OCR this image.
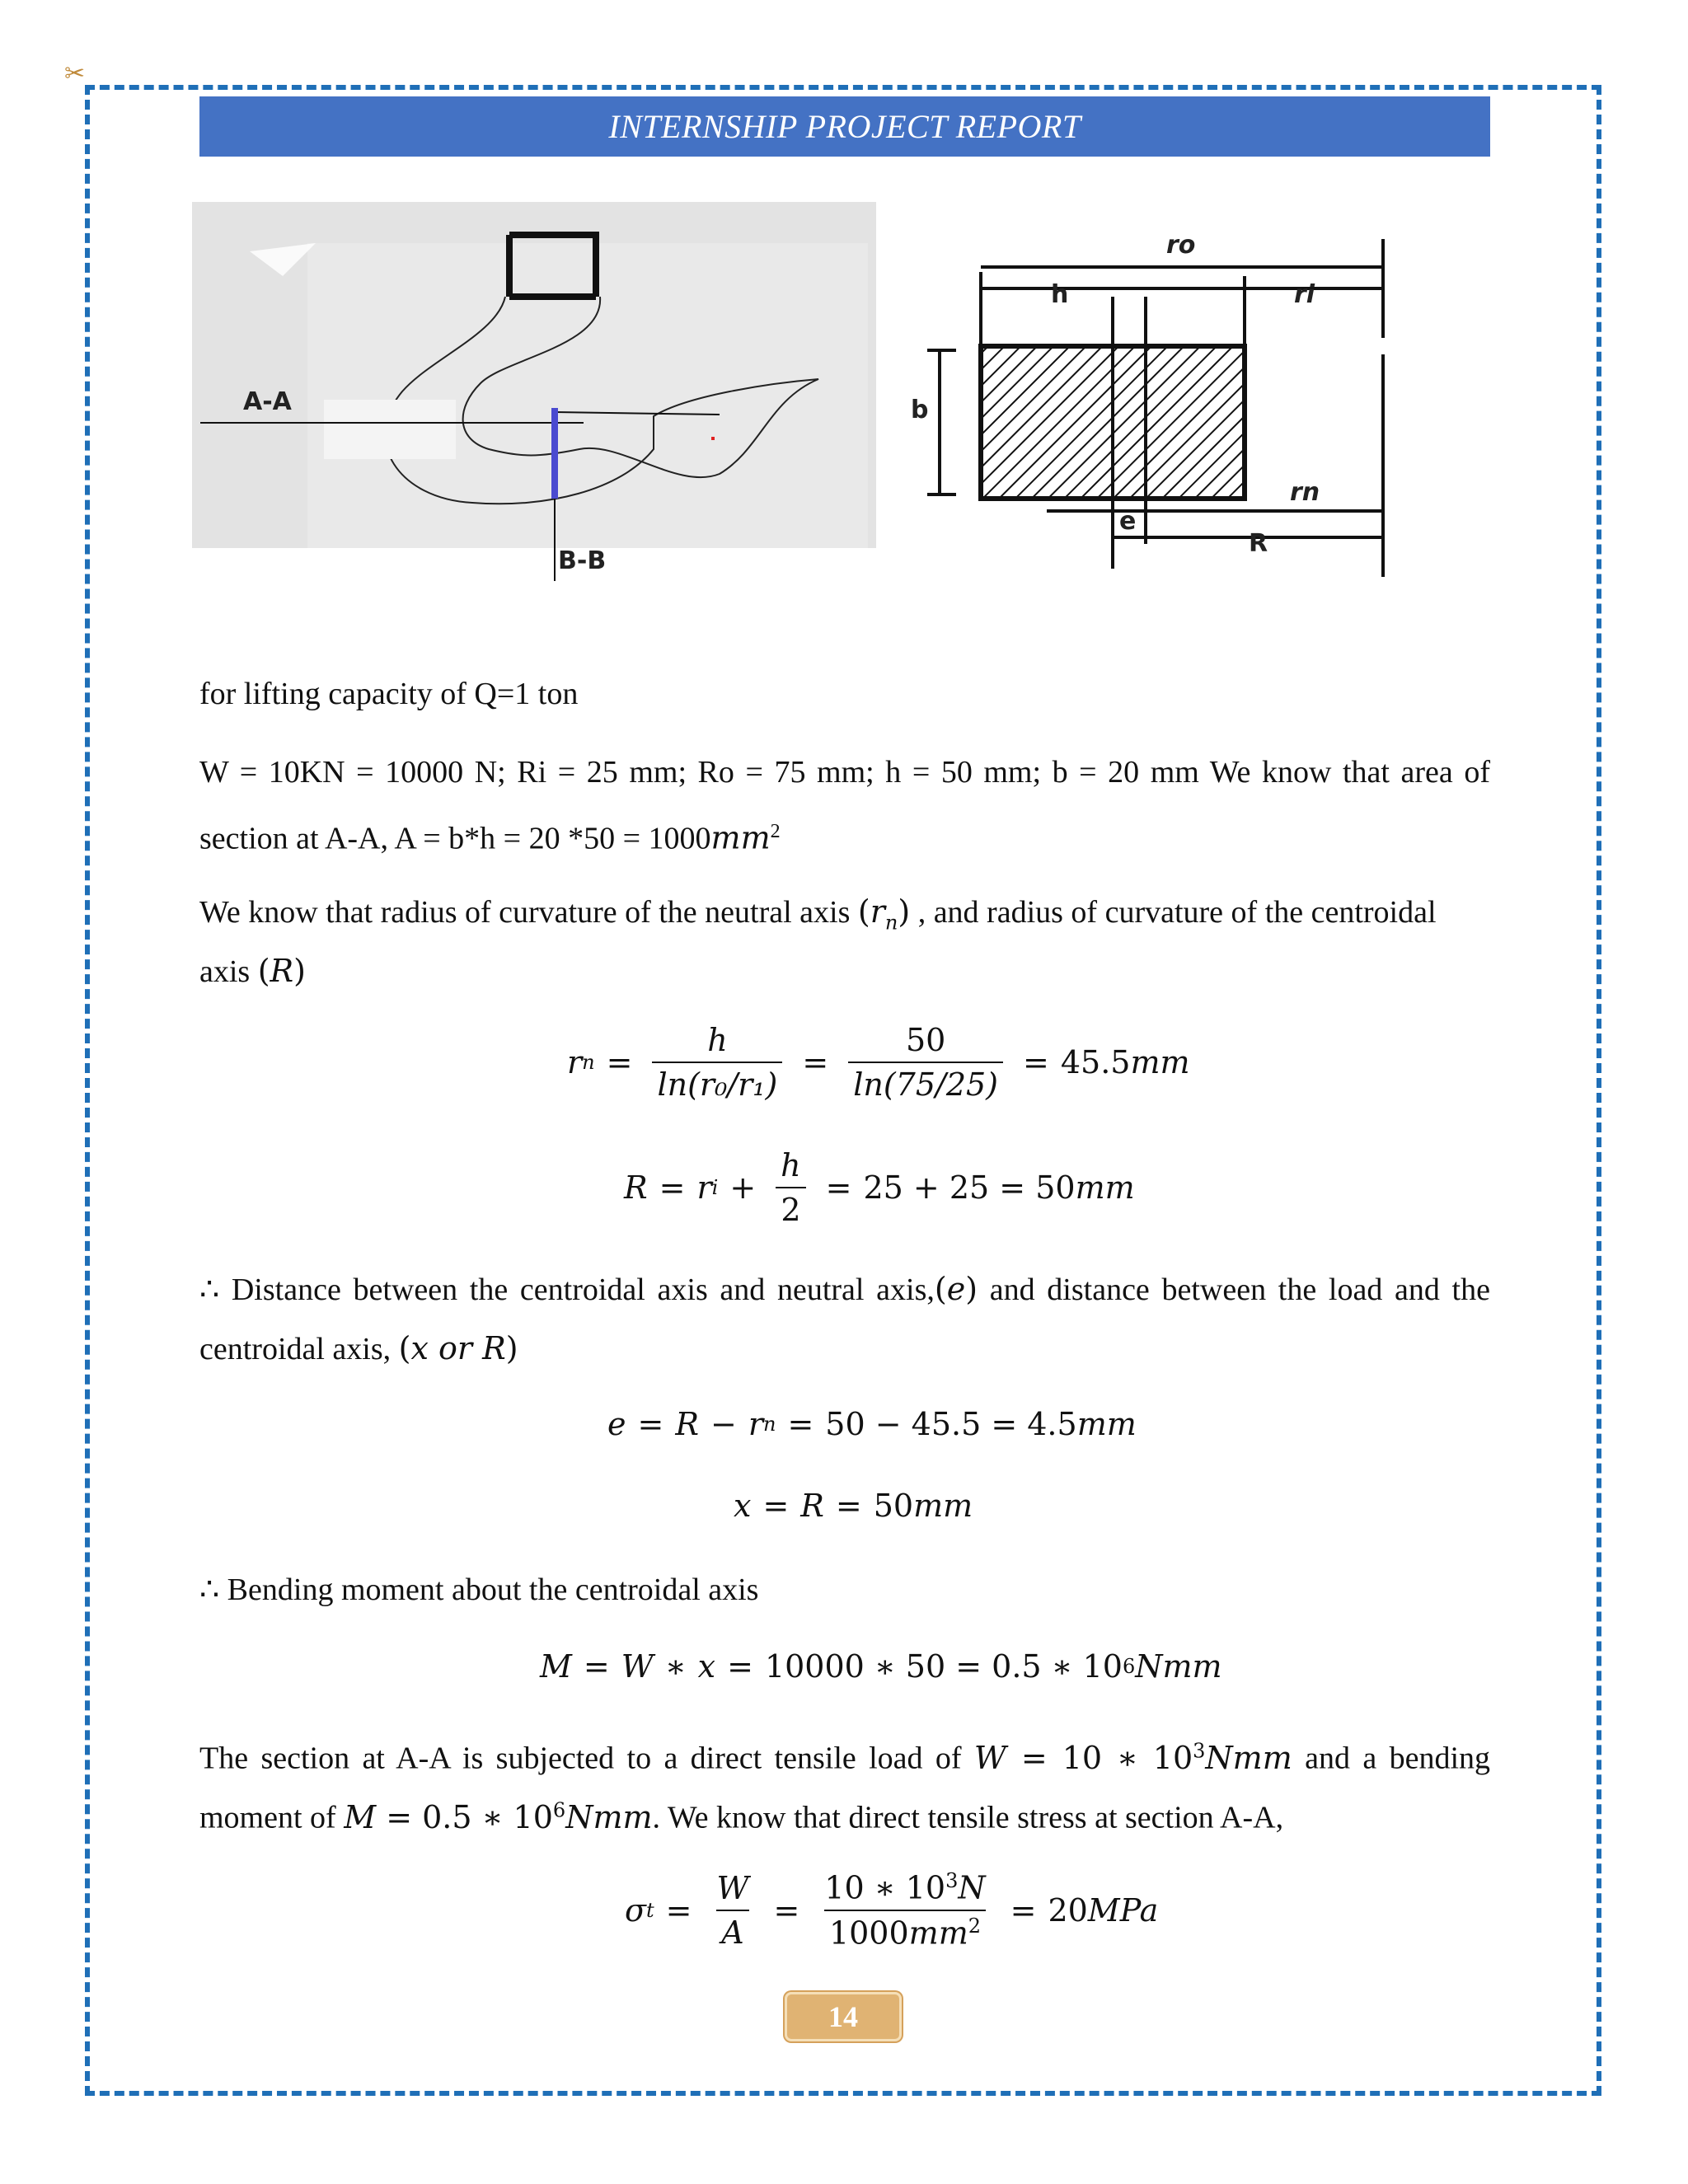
✂
INTERNSHIP PROJECT REPORT
A-A
B-B
ro
h	ri
b
rn
e
R
for lifting capacity of Q=1 ton
W = 10KN = 10000 N; Ri = 25 mm; Ro = 75 mm; h = 50 mm; b = 20 mm We know that area of
section at A-A, A = b*h = 20 $*50 = 1000mm^2$
We know that radius of curvature of the neutral axis $(r_n)$ , and radius of curvature of the centroidal
axis (R)
r $n = \frac{h}{\text{ln(r₀/r₁)}} = \frac{50}{\ln(75/25)} = 45.5$ mm
R = r $i + \frac{h}{2} = 25 + 25 = 50$ mm
∴ Distance between the centroidal axis and neutral axis,(e) and distance between the load and the
centroidal axis, (x or R)
e = R − r n = 50 − 45.5 = 4.5 mm
x = R = 50 mm
∴ Bending moment about the centroidal axis
M = W ∗ x = 10000 ∗ 50 = 0.5 ∗ 10 6 Nmm
The section at A-A is subjected to a direct tensile load of W = 10 ∗ $10^3Nmm$ and a bending
moment of M = 0.5 ∗ $10^6Nmm$. We know that direct tensile stress at section A-A,
σ $t = \frac{W}{A} = \frac{10 ∗ 10^3N}{1000mm^2} = 20$ MPa
14
